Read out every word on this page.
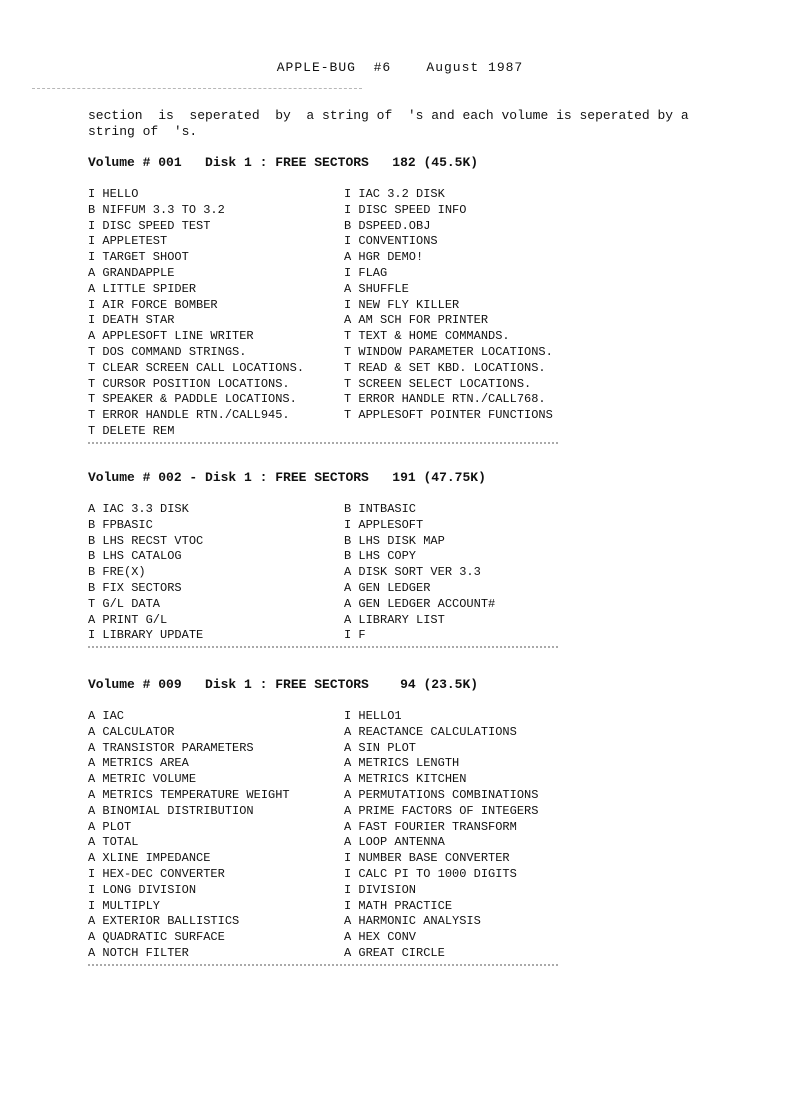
APPLE-BUG #6	August 1987
section  is  seperated  by  a string of  's and each volume is seperated by a
string of  's.
Volume # 001 Disk 1 : FREE SECTORS 182 (45.5K)
I HELLO	I IAC 3.2 DISK
B NIFFUM 3.3 TO 3.2	I DISC SPEED INFO
I DISC SPEED TEST	B DSPEED.OBJ
I APPLETEST	I CONVENTIONS
I TARGET SHOOT	A HGR DEMO!
A GRANDAPPLE	I FLAG
A LITTLE SPIDER	A SHUFFLE
I AIR FORCE BOMBER	I NEW FLY KILLER
I DEATH STAR	A AM SCH FOR PRINTER
A APPLESOFT LINE WRITER	T TEXT & HOME COMMANDS.
T DOS COMMAND STRINGS.	T WINDOW PARAMETER LOCATIONS.
T CLEAR SCREEN CALL LOCATIONS.	T READ & SET KBD. LOCATIONS.
T CURSOR POSITION LOCATIONS.	T SCREEN SELECT LOCATIONS.
T SPEAKER & PADDLE LOCATIONS.	T ERROR HANDLE RTN./CALL768.
T ERROR HANDLE RTN./CALL945.	T APPLESOFT POINTER FUNCTIONS
T DELETE REM
Volume # 002 - Disk 1 : FREE SECTORS 191 (47.75K)
A IAC 3.3 DISK	B INTBASIC
B FPBASIC	I APPLESOFT
B LHS RECST VTOC	B LHS DISK MAP
B LHS CATALOG	B LHS COPY
B FRE(X)	A DISK SORT VER 3.3
B FIX SECTORS	A GEN LEDGER
T G/L DATA	A GEN LEDGER ACCOUNT#
A PRINT G/L	A LIBRARY LIST
I LIBRARY UPDATE	I F
Volume # 009 Disk 1 : FREE SECTORS 94 (23.5K)
A IAC	I HELLO1
A CALCULATOR	A REACTANCE CALCULATIONS
A TRANSISTOR PARAMETERS	A SIN PLOT
A METRICS AREA	A METRICS LENGTH
A METRIC VOLUME	A METRICS KITCHEN
A METRICS TEMPERATURE WEIGHT	A PERMUTATIONS COMBINATIONS
A BINOMIAL DISTRIBUTION	A PRIME FACTORS OF INTEGERS
A PLOT	A FAST FOURIER TRANSFORM
A TOTAL	A LOOP ANTENNA
A XLINE IMPEDANCE	I NUMBER BASE CONVERTER
I HEX-DEC CONVERTER	I CALC PI TO 1000 DIGITS
I LONG DIVISION	I DIVISION
I MULTIPLY	I MATH PRACTICE
A EXTERIOR BALLISTICS	A HARMONIC ANALYSIS
A QUADRATIC SURFACE	A HEX CONV
A NOTCH FILTER	A GREAT CIRCLE
